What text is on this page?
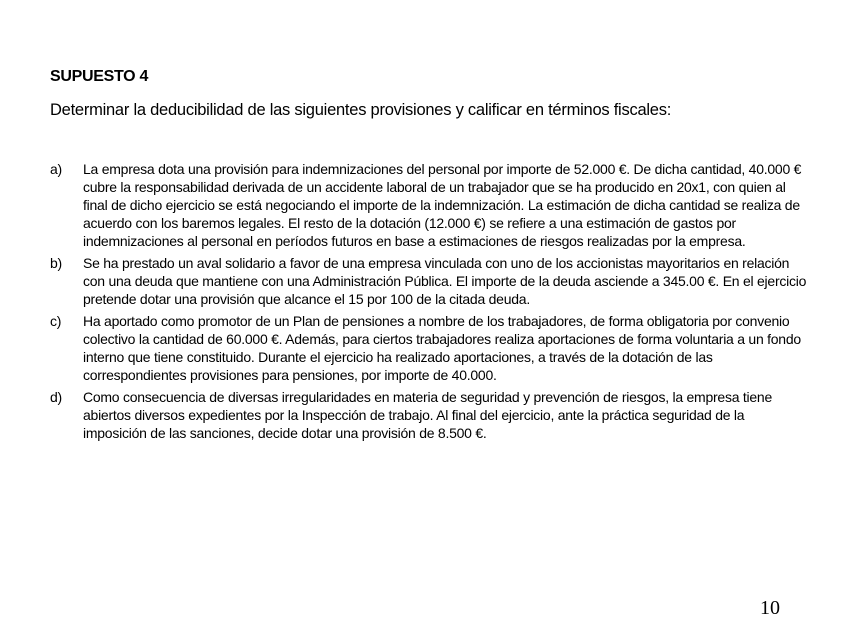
SUPUESTO 4
Determinar la deducibilidad de las siguientes provisiones y calificar en términos fiscales:
a)	La empresa dota una provisión para indemnizaciones del personal por importe de 52.000 €. De dicha cantidad, 40.000 € cubre la responsabilidad derivada de un accidente laboral de un trabajador que se ha producido en 20x1, con quien al final de dicho ejercicio se está negociando el importe de la indemnización. La estimación de dicha cantidad se realiza de acuerdo con los baremos legales. El resto de la dotación (12.000 €) se refiere a una estimación de gastos por indemnizaciones al personal en períodos futuros en base a estimaciones de riesgos realizadas por la empresa.
b)	Se ha prestado un aval solidario a favor de una empresa vinculada con uno de los accionistas mayoritarios en relación con una deuda que mantiene con una Administración Pública. El importe de la deuda asciende a 345.00 €. En el ejercicio pretende dotar una provisión que alcance el 15 por 100 de la citada deuda.
c)	Ha aportado como promotor de un Plan de pensiones a nombre de los trabajadores, de forma obligatoria por convenio colectivo la cantidad de 60.000 €. Además, para ciertos trabajadores realiza aportaciones de forma voluntaria a un fondo interno que tiene constituido. Durante el ejercicio ha realizado aportaciones, a través de la dotación de las correspondientes provisiones para pensiones, por importe de 40.000.
d)	Como consecuencia de diversas irregularidades en materia de seguridad y prevención de riesgos, la empresa tiene abiertos diversos expedientes por la Inspección de trabajo. Al final del ejercicio, ante la práctica seguridad de la imposición de las sanciones, decide dotar una provisión de 8.500 €.
10
